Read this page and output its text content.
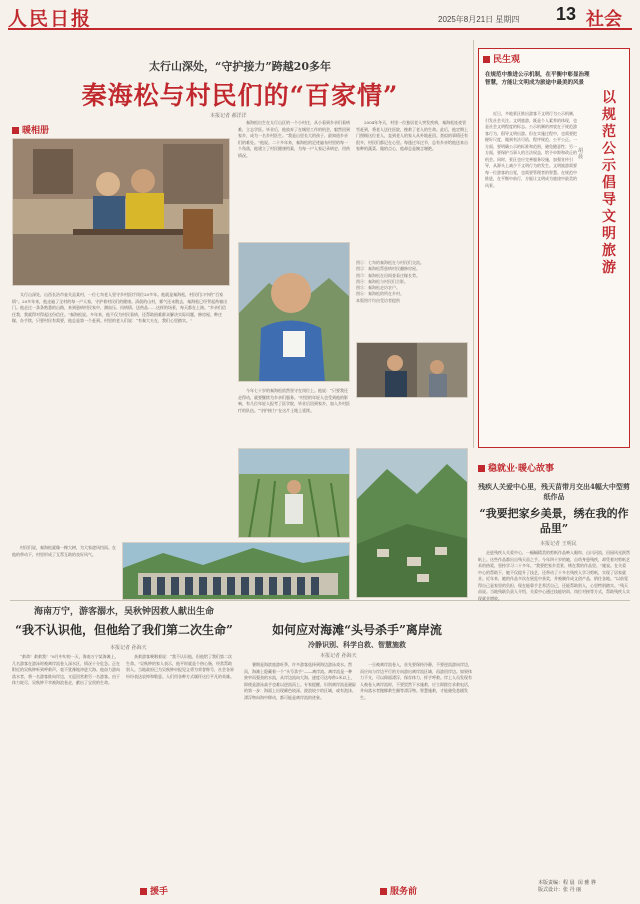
人民日报	2025年8月21日 星期四 13 社会
太行山深处，“守护接力”跨越20多年
秦海松与村民们的“百家情”
本报记者 郝洋洋
暖相册
　　太行山深处，山西长治市壶关县某村，一位七旬老人坚守乡村医疗岗位20多年。他就是秦海松，村民们口中的“百家情”。20多年来，他走遍了全村的每一户人家，守护着村民们的健康。清晨的山村，雾气还未散去，秦海松已经背起药箱出门。他走过一条条熟悉的山路，来到患病村民家中，测血压、问病情、送药品……这样的场景，每天都在上演。“乡亲们信任我，我就得对得起这份信任。”秦海松说。多年来，他不仅为村民看病，还帮助困难群众解决实际问题，修房屋、种庄稼、办手续，只要村民有需要，他总是第一个赶到。村里的老人们说：“有秦大夫在，我们心里踏实。”
　　秦海松出生在太行山区的一个小村庄，从小看到乡亲们看病难，立志学医。毕业后，他放弃了在城里工作的机会，毅然回到家乡，成为一名乡村医生。“我是山里长大的孩子，最知道乡亲们的难处。”他说。二十多年来，秦海松的足迹遍布村里的每一个角落，他建立了村民健康档案，为每一户人家记录病史、用药情况。
　　今年七十岁的秦海松依然坚守在岗位上。他说：“只要我还走得动，就要继续为乡亲们服务。”村里的年轻人也受到他的影响，有几位年轻人报考了医学院，毕业后回到家乡，加入乡村医疗的队伍。“守护接力”在这片土地上延续。
　　村民们说，秦海松就像一棵大树，为大家遮风挡雨。在他的带动下，村里形成了互帮互助的良好风气。
　　2004年冬天，村里一位独居老人突发疾病，秦海松连夜冒雪赶到，将老人送往医院，挽救了老人的生命。此后，他定期上门照顾这位老人，直到老人的家人从外地赶回。类似的事情还有很多，村民们都记在心里。每逢过年过节，总有乡亲给他送来自家种的蔬菜、做的点心，他却总是婉言谢绝。
图①：七旬的秦海松在与村民们交流。
图②：秦海松帮患病村民翻修房屋。
图③：秦海松在田间查看庄稼长势。
图④：秦海松与村民们合影。
图⑤：秦海松走访农户。
图⑥：秦海松的所在乡村。
本版图片均由受访者提供
民生观
在规范中推进公示机制，在平衡中彰显治理智慧，方能让文明成为旅途中最美的风景
　　近日，多地景区推出游客不文明行为公示机制，引发社会关注。文明旅游，既是个人素养的体现，也是社会文明程度的标志。公示机制的初衷在于规范游客行为，倡导文明出游。但在实施过程中，也需要把握好尺度，做到有法可依、程序规范、公平公正。一方面，要明确公示的标准和范围，避免随意性；另一方面，要保护当事人的合法权益，给予申辩和改正的机会。同时，景区也应完善服务设施，加强宣传引导，从源头上减少不文明行为的发生。文明旅游需要每一位游客的自觉，也需要管理者的智慧。在规范中推进，在平衡中前行，方能让文明成为旅途中最美的风景。
以规范公示倡导文明旅游
胡 晨
稳就业·暖心故事
残疾人关爱中心里，残天苗带月交出4幅大中型剪纸作品
“我要把家乡美景，绣在我的作品里”
本报记者 王明民
　　走进残疾人关爱中心，一幅幅精美的剪纸作品映入眼帘，山川河流、田园风光跃然纸上。这些作品都出自残天苗之手。今年四十岁的她，自幼身患残疾，却凭着对剪纸艺术的热爱，坚持学习二十多年。“我要把家乡美景，绣在我的作品里。”她说。在关爱中心的帮助下，她不仅提升了技艺，还带动了十多名残疾人学习剪纸，实现了居家就业。近年来，她的作品多次在展览中获奖，并被制作成文创产品，销往各地。“以前觉得自己是家里的负担，现在能靠手艺养活自己，还能帮助别人，心里特别踏实。”残天苗说。当地残联负责人介绍，关爱中心通过技能培训、岗位对接等方式，帮助残疾人实现就业增收。
本版责编：程 晨  闵 雅 骅
版式设计：张 丹 丽
海南万宁，游客溺水，吴秋钟因救人献出生命
“我不认识他，但他给了我们第二次生命”
本报记者 孙海天
　　“救命！救救我！”8月中旬的一天，海南万宁某海滩上，几名游客在游泳时被离岸流卷入深水区，情况十分危急。正在附近的吴秋钟听到呼救声，毫不犹豫地冲进大海。他奋力游向落水者，将一名游客推向岸边，又返回营救另一名游客。由于体力耗尽，吴秋钟不幸被海浪卷走，献出了宝贵的生命。
　　获救游客哽咽着说：“我不认识他，但他给了我们第二次生命。”吴秋钟的家人表示，他平时就是个热心肠，经常帮助别人。当地政府已为吴秋钟申报见义勇为荣誉称号，社会各界纷纷表达哀悼和敬意。人们用各种方式缅怀这位平凡的英雄。
援手
如何应对海滩“头号杀手”离岸流
冷静识别、科学自救、智慧施救
本报记者 孙海天
　　暑期是海滨旅游旺季，许多游客选择到海边游泳戏水。然而，海滩上隐藏着一个“头号杀手”——离岸流。离岸流是一种狭窄而强劲的水流，从岸边流向大海，速度可达每秒2米以上，即使是游泳高手也难以逆流而上。专家提醒，识别离岸流是避险的第一步：海面上出现颜色较深、波浪较少的区域，或有泡沫、漂浮物向海中移动，都可能是离岸流的迹象。
　　一旦被离岸流卷入，首先要保持冷静，不要逆流游向岸边，而应向与岸边平行的方向游出离岸流区域，再游回岸边。如果体力不支，可以仰面漂浮，保存体力，挥手呼救。岸上人员发现有人被卷入离岸流时，不要贸然下水施救，应立即拨打求救电话，并向落水者抛掷救生圈等漂浮物。智慧施救，才能避免悲剧发生。
服务前
